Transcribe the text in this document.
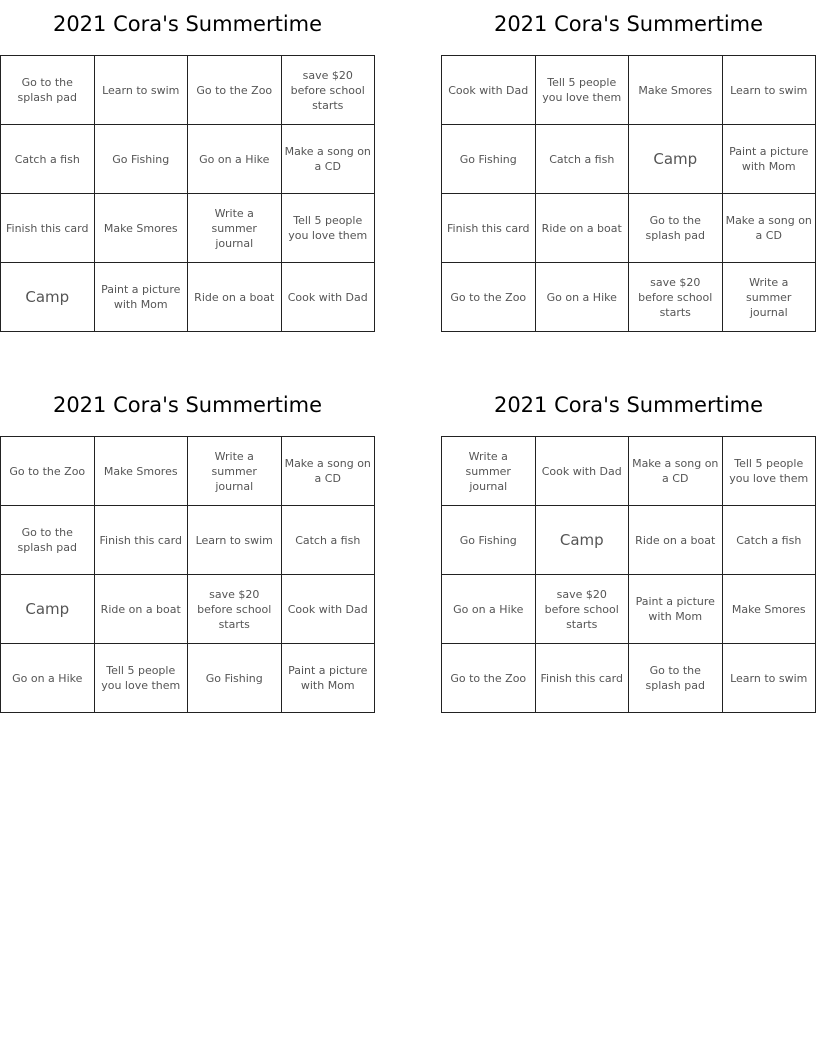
2021 Cora's Summertime
Go to the splash pad	Learn to swim	Go to the Zoo	save $20 before school starts
Catch a fish	Go Fishing	Go on a Hike	Make a song on a CD
Finish this card	Make Smores	Write a summer journal	Tell 5 people you love them
Camp	Paint a picture with Mom	Ride on a boat	Cook with Dad
2021 Cora's Summertime
Cook with Dad	Tell 5 people you love them	Make Smores	Learn to swim
Go Fishing	Catch a fish	Camp	Paint a picture with Mom
Finish this card	Ride on a boat	Go to the splash pad	Make a song on a CD
Go to the Zoo	Go on a Hike	save $20 before school starts	Write a summer journal
2021 Cora's Summertime
Go to the Zoo	Make Smores	Write a summer journal	Make a song on a CD
Go to the splash pad	Finish this card	Learn to swim	Catch a fish
Camp	Ride on a boat	save $20 before school starts	Cook with Dad
Go on a Hike	Tell 5 people you love them	Go Fishing	Paint a picture with Mom
2021 Cora's Summertime
Write a summer journal	Cook with Dad	Make a song on a CD	Tell 5 people you love them
Go Fishing	Camp	Ride on a boat	Catch a fish
Go on a Hike	save $20 before school starts	Paint a picture with Mom	Make Smores
Go to the Zoo	Finish this card	Go to the splash pad	Learn to swim
